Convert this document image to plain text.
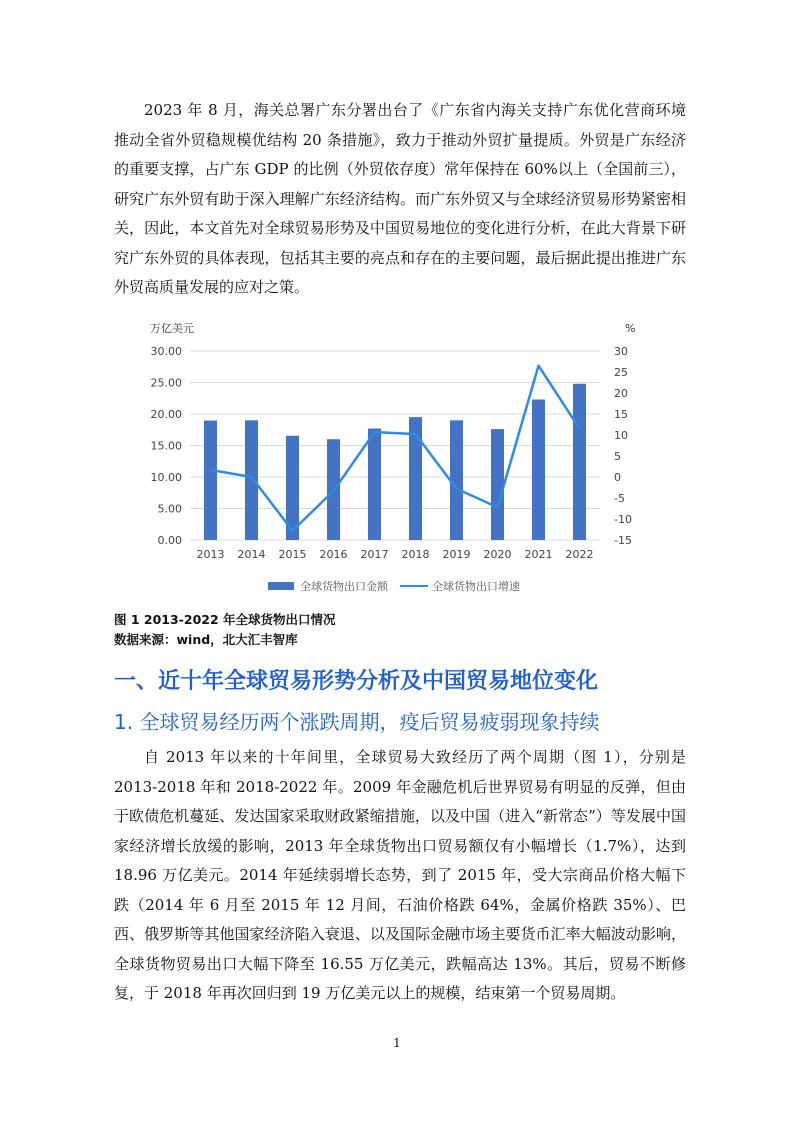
2023 年 8 月，海关总署广东分署出台了《广东省内海关支持广东优化营商环境 推动全省外贸稳规模优结构 20 条措施》，致力于推动外贸扩量提质。外贸是广东经济的重要支撑，占广东 GDP 的比例（外贸依存度）常年保持在 60%以上（全国前三），研究广东外贸有助于深入理解广东经济结构。而广东外贸又与全球经济贸易形势紧密相关，因此，本文首先对全球贸易形势及中国贸易地位的变化进行分析，在此大背景下研究广东外贸的具体表现，包括其主要的亮点和存在的主要问题，最后据此提出推进广东外贸高质量发展的应对之策。

万亿美元	%
0.00
5.00
10.00
15.00
20.00
25.00
30.00
-15
-10
-5
0
5
10
15
20
25
30
2013 2014 2015 2016 2017 2018 2019 2020 2021 2022
全球货物出口金额	全球货物出口增速

图 1 2013-2022 年全球货物出口情况

数据来源：wind，北大汇丰智库

一、近十年全球贸易形势分析及中国贸易地位变化
1. 全球贸易经历两个涨跌周期，疫后贸易疲弱现象持续

自 2013 年以来的十年间里，全球贸易大致经历了两个周期（图 1），分别是 2013-2018 年和 2018-2022 年。2009 年金融危机后世界贸易有明显的反弹，但由于欧债危机蔓延、发达国家采取财政紧缩措施，以及中国（进入“新常态”）等发展中国家经济增长放缓的影响，2013 年全球货物出口贸易额仅有小幅增长（1.7%），达到 18.96 万亿美元。2014 年延续弱增长态势，到了 2015 年，受大宗商品价格大幅下跌（2014 年 6 月至 2015 年 12 月间，石油价格跌 64%，金属价格跌 35%）、巴西、俄罗斯等其他国家经济陷入衰退、以及国际金融市场主要货币汇率大幅波动影响，全球货物贸易出口大幅下降至 16.55 万亿美元，跌幅高达 13%。其后，贸易不断修复，于 2018 年再次回归到 19 万亿美元以上的规模，结束第一个贸易周期。

1
